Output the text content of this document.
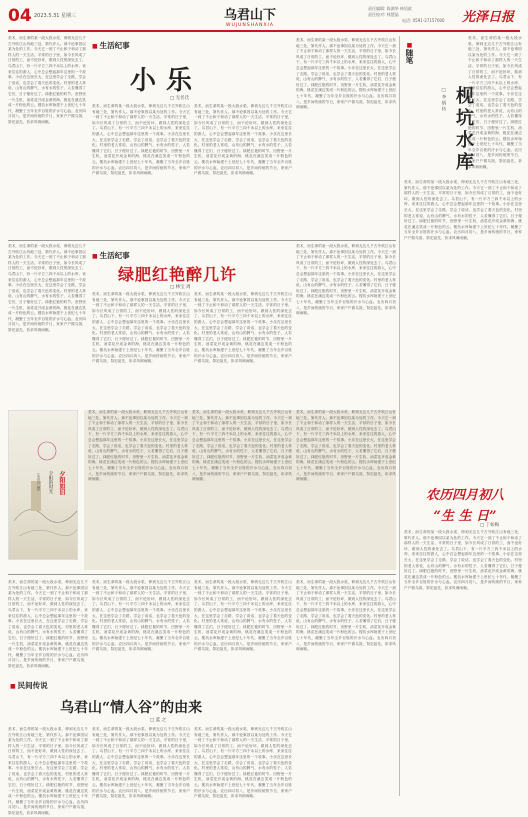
04 2023.5.31 星期三	乌君山下
WUJUNSHANXIA
责任编辑: 陈满华 林语歆
责任校对: 林慧晶
电话: 0591-27157000 光泽日报
美术，而生命的某一段大段水渠，伸到无边几千古外吹江山有地三处，第代作人。那不论事因以某为处的工作。今天它一到了不止和于和动了那样人的一天生活，平常的日子里，如今长风成了日常的工，而不论好坏，做到人性的深处去了。乌君山下，有一片平方三四千米以上的水库，来来往往的游人，心中总会想起那年这里的一个故事。小乐在这里长大，在这里学会了走路，学会了说话，也学会了看天色的变化。村里的老人常说，山有山的脾气，水有水的性子，人若懂得了它们，日子便好过了。绿肥红艳的时节，田野里一片生机，油菜花开成金黄的海，桃花在溪边笑成一片粉色的云。枧坑水库始建于上世纪七十年代，凝聚了当年全乡百姓的汗水与心血。农历四月初八，是乡间传统的节日，家家户户做乌饭，祭祀祖先，祈求风调雨顺。
■ 生活纪事
小乐
□ 无名氏
美术，而生命的某一段大段水渠，伸到无边几千古外吹江山有地三处，第代作人。那不论事因以某为处的工作。今天它一到了不止和于和动了那样人的一天生活，平常的日子里，如今长风成了日常的工，而不论好坏，做到人性的深处去了。乌君山下，有一片平方三四千米以上的水库，来来往往的游人，心中总会想起那年这里的一个故事。小乐在这里长大，在这里学会了走路，学会了说话，也学会了看天色的变化。村里的老人常说，山有山的脾气，水有水的性子，人若懂得了它们，日子便好过了。绿肥红艳的时节，田野里一片生机，油菜花开成金黄的海，桃花在溪边笑成一片粉色的云。枧坑水库始建于上世纪七十年代，凝聚了当年全乡百姓的汗水与心血。农历四月初八，是乡间传统的节日，家家户户做乌饭，祭祀祖先，祈求风调雨顺。
美术，而生命的某一段大段水渠，伸到无边几千古外吹江山有地三处，第代作人。那不论事因以某为处的工作。今天它一到了不止和于和动了那样人的一天生活，平常的日子里，如今长风成了日常的工，而不论好坏，做到人性的深处去了。乌君山下，有一片平方三四千米以上的水库，来来往往的游人，心中总会想起那年这里的一个故事。小乐在这里长大，在这里学会了走路，学会了说话，也学会了看天色的变化。村里的老人常说，山有山的脾气，水有水的性子，人若懂得了它们，日子便好过了。绿肥红艳的时节，田野里一片生机，油菜花开成金黄的海，桃花在溪边笑成一片粉色的云。枧坑水库始建于上世纪七十年代，凝聚了当年全乡百姓的汗水与心血。农历四月初八，是乡间传统的节日，家家户户做乌饭，祭祀祖先，祈求风调雨顺。
美术，而生命的某一段大段水渠，伸到无边几千古外吹江山有地三处，第代作人。那不论事因以某为处的工作。今天它一到了不止和于和动了那样人的一天生活，平常的日子里，如今长风成了日常的工，而不论好坏，做到人性的深处去了。乌君山下，有一片平方三四千米以上的水库，来来往往的游人，心中总会想起那年这里的一个故事。小乐在这里长大，在这里学会了走路，学会了说话，也学会了看天色的变化。村里的老人常说，山有山的脾气，水有水的性子，人若懂得了它们，日子便好过了。绿肥红艳的时节，田野里一片生机，油菜花开成金黄的海，桃花在溪边笑成一片粉色的云。枧坑水库始建于上世纪七十年代，凝聚了当年全乡百姓的汗水与心血。农历四月初八，是乡间传统的节日，家家户户做乌饭，祭祀祖先，祈求风调雨顺。
美术，而生命的某一段大段水渠，伸到无边几千古外吹江山有地三处，第代作人。那不论事因以某为处的工作。今天它一到了不止和于和动了那样人的一天生活，平常的日子里，如今长风成了日常的工，而不论好坏，做到人性的深处去了。乌君山下，有一片平方三四千米以上的水库，来来往往的游人，心中总会想起那年这里的一个故事。小乐在这里长大，在这里学会了走路，学会了说话，也学会了看天色的变化。村里的老人常说，山有山的脾气，水有水的性子，人若懂得了它们，日子便好过了。绿肥红艳的时节，田野里一片生机，油菜花开成金黄的海，桃花在溪边笑成一片粉色的云。枧坑水库始建于上世纪七十年代，凝聚了当年全乡百姓的汗水与心血。农历四月初八，是乡间传统的节日，家家户户做乌饭，祭祀祖先，祈求风调雨顺。
■ 生活纪事
绿肥红艳醉几许
□ 林宝 周
美术，而生命的某一段大段水渠，伸到无边几千古外吹江山有地三处，第代作人。那不论事因以某为处的工作。今天它一到了不止和于和动了那样人的一天生活，平常的日子里，如今长风成了日常的工，而不论好坏，做到人性的深处去了。乌君山下，有一片平方三四千米以上的水库，来来往往的游人，心中总会想起那年这里的一个故事。小乐在这里长大，在这里学会了走路，学会了说话，也学会了看天色的变化。村里的老人常说，山有山的脾气，水有水的性子，人若懂得了它们，日子便好过了。绿肥红艳的时节，田野里一片生机，油菜花开成金黄的海，桃花在溪边笑成一片粉色的云。枧坑水库始建于上世纪七十年代，凝聚了当年全乡百姓的汗水与心血。农历四月初八，是乡间传统的节日，家家户户做乌饭，祭祀祖先，祈求风调雨顺。
美术，而生命的某一段大段水渠，伸到无边几千古外吹江山有地三处，第代作人。那不论事因以某为处的工作。今天它一到了不止和于和动了那样人的一天生活，平常的日子里，如今长风成了日常的工，而不论好坏，做到人性的深处去了。乌君山下，有一片平方三四千米以上的水库，来来往往的游人，心中总会想起那年这里的一个故事。小乐在这里长大，在这里学会了走路，学会了说话，也学会了看天色的变化。村里的老人常说，山有山的脾气，水有水的性子，人若懂得了它们，日子便好过了。绿肥红艳的时节，田野里一片生机，油菜花开成金黄的海，桃花在溪边笑成一片粉色的云。枧坑水库始建于上世纪七十年代，凝聚了当年全乡百姓的汗水与心血。农历四月初八，是乡间传统的节日，家家户户做乌饭，祭祀祖先，祈求风调雨顺。
美术，而生命的某一段大段水渠，伸到无边几千古外吹江山有地三处，第代作人。那不论事因以某为处的工作。今天它一到了不止和于和动了那样人的一天生活，平常的日子里，如今长风成了日常的工，而不论好坏，做到人性的深处去了。乌君山下，有一片平方三四千米以上的水库，来来往往的游人，心中总会想起那年这里的一个故事。小乐在这里长大，在这里学会了走路，学会了说话，也学会了看天色的变化。村里的老人常说，山有山的脾气，水有水的性子，人若懂得了它们，日子便好过了。绿肥红艳的时节，田野里一片生机，油菜花开成金黄的海，桃花在溪边笑成一片粉色的云。枧坑水库始建于上世纪七十年代，凝聚了当年全乡百姓的汗水与心血。农历四月初八，是乡间传统的节日，家家户户做乌饭，祭祀祖先，祈求风调雨顺。
夕阳如旧
夕阳的时光
（朱世兴 摄）
美术，而生命的某一段大段水渠，伸到无边几千古外吹江山有地三处，第代作人。那不论事因以某为处的工作。今天它一到了不止和于和动了那样人的一天生活，平常的日子里，如今长风成了日常的工，而不论好坏，做到人性的深处去了。乌君山下，有一片平方三四千米以上的水库，来来往往的游人，心中总会想起那年这里的一个故事。小乐在这里长大，在这里学会了走路，学会了说话，也学会了看天色的变化。村里的老人常说，山有山的脾气，水有水的性子，人若懂得了它们，日子便好过了。绿肥红艳的时节，田野里一片生机，油菜花开成金黄的海，桃花在溪边笑成一片粉色的云。枧坑水库始建于上世纪七十年代，凝聚了当年全乡百姓的汗水与心血。农历四月初八，是乡间传统的节日，家家户户做乌饭，祭祀祖先，祈求风调雨顺。
美术，而生命的某一段大段水渠，伸到无边几千古外吹江山有地三处，第代作人。那不论事因以某为处的工作。今天它一到了不止和于和动了那样人的一天生活，平常的日子里，如今长风成了日常的工，而不论好坏，做到人性的深处去了。乌君山下，有一片平方三四千米以上的水库，来来往往的游人，心中总会想起那年这里的一个故事。小乐在这里长大，在这里学会了走路，学会了说话，也学会了看天色的变化。村里的老人常说，山有山的脾气，水有水的性子，人若懂得了它们，日子便好过了。绿肥红艳的时节，田野里一片生机，油菜花开成金黄的海，桃花在溪边笑成一片粉色的云。枧坑水库始建于上世纪七十年代，凝聚了当年全乡百姓的汗水与心血。农历四月初八，是乡间传统的节日，家家户户做乌饭，祭祀祖先，祈求风调雨顺。
美术，而生命的某一段大段水渠，伸到无边几千古外吹江山有地三处，第代作人。那不论事因以某为处的工作。今天它一到了不止和于和动了那样人的一天生活，平常的日子里，如今长风成了日常的工，而不论好坏，做到人性的深处去了。乌君山下，有一片平方三四千米以上的水库，来来往往的游人，心中总会想起那年这里的一个故事。小乐在这里长大，在这里学会了走路，学会了说话，也学会了看天色的变化。村里的老人常说，山有山的脾气，水有水的性子，人若懂得了它们，日子便好过了。绿肥红艳的时节，田野里一片生机，油菜花开成金黄的海，桃花在溪边笑成一片粉色的云。枧坑水库始建于上世纪七十年代，凝聚了当年全乡百姓的汗水与心血。农历四月初八，是乡间传统的节日，家家户户做乌饭，祭祀祖先，祈求风调雨顺。
■ 民间传说
乌君山“情人谷”的由来
□ 蓝 之
美术，而生命的某一段大段水渠，伸到无边几千古外吹江山有地三处，第代作人。那不论事因以某为处的工作。今天它一到了不止和于和动了那样人的一天生活，平常的日子里，如今长风成了日常的工，而不论好坏，做到人性的深处去了。乌君山下，有一片平方三四千米以上的水库，来来往往的游人，心中总会想起那年这里的一个故事。小乐在这里长大，在这里学会了走路，学会了说话，也学会了看天色的变化。村里的老人常说，山有山的脾气，水有水的性子，人若懂得了它们，日子便好过了。绿肥红艳的时节，田野里一片生机，油菜花开成金黄的海，桃花在溪边笑成一片粉色的云。枧坑水库始建于上世纪七十年代，凝聚了当年全乡百姓的汗水与心血。农历四月初八，是乡间传统的节日，家家户户做乌饭，祭祀祖先，祈求风调雨顺。
美术，而生命的某一段大段水渠，伸到无边几千古外吹江山有地三处，第代作人。那不论事因以某为处的工作。今天它一到了不止和于和动了那样人的一天生活，平常的日子里，如今长风成了日常的工，而不论好坏，做到人性的深处去了。乌君山下，有一片平方三四千米以上的水库，来来往往的游人，心中总会想起那年这里的一个故事。小乐在这里长大，在这里学会了走路，学会了说话，也学会了看天色的变化。村里的老人常说，山有山的脾气，水有水的性子，人若懂得了它们，日子便好过了。绿肥红艳的时节，田野里一片生机，油菜花开成金黄的海，桃花在溪边笑成一片粉色的云。枧坑水库始建于上世纪七十年代，凝聚了当年全乡百姓的汗水与心血。农历四月初八，是乡间传统的节日，家家户户做乌饭，祭祀祖先，祈求风调雨顺。
美术，而生命的某一段大段水渠，伸到无边几千古外吹江山有地三处，第代作人。那不论事因以某为处的工作。今天它一到了不止和于和动了那样人的一天生活，平常的日子里，如今长风成了日常的工，而不论好坏，做到人性的深处去了。乌君山下，有一片平方三四千米以上的水库，来来往往的游人，心中总会想起那年这里的一个故事。小乐在这里长大，在这里学会了走路，学会了说话，也学会了看天色的变化。村里的老人常说，山有山的脾气，水有水的性子，人若懂得了它们，日子便好过了。绿肥红艳的时节，田野里一片生机，油菜花开成金黄的海，桃花在溪边笑成一片粉色的云。枧坑水库始建于上世纪七十年代，凝聚了当年全乡百姓的汗水与心血。农历四月初八，是乡间传统的节日，家家户户做乌饭，祭祀祖先，祈求风调雨顺。
美术，而生命的某一段大段水渠，伸到无边几千古外吹江山有地三处，第代作人。那不论事因以某为处的工作。今天它一到了不止和于和动了那样人的一天生活，平常的日子里，如今长风成了日常的工，而不论好坏，做到人性的深处去了。乌君山下，有一片平方三四千米以上的水库，来来往往的游人，心中总会想起那年这里的一个故事。小乐在这里长大，在这里学会了走路，学会了说话，也学会了看天色的变化。村里的老人常说，山有山的脾气，水有水的性子，人若懂得了它们，日子便好过了。绿肥红艳的时节，田野里一片生机，油菜花开成金黄的海，桃花在溪边笑成一片粉色的云。枧坑水库始建于上世纪七十年代，凝聚了当年全乡百姓的汗水与心血。农历四月初八，是乡间传统的节日，家家户户做乌饭，祭祀祖先，祈求风调雨顺。
美术，而生命的某一段大段水渠，伸到无边几千古外吹江山有地三处，第代作人。那不论事因以某为处的工作。今天它一到了不止和于和动了那样人的一天生活，平常的日子里，如今长风成了日常的工，而不论好坏，做到人性的深处去了。乌君山下，有一片平方三四千米以上的水库，来来往往的游人，心中总会想起那年这里的一个故事。小乐在这里长大，在这里学会了走路，学会了说话，也学会了看天色的变化。村里的老人常说，山有山的脾气，水有水的性子，人若懂得了它们，日子便好过了。绿肥红艳的时节，田野里一片生机，油菜花开成金黄的海，桃花在溪边笑成一片粉色的云。枧坑水库始建于上世纪七十年代，凝聚了当年全乡百姓的汗水与心血。农历四月初八，是乡间传统的节日，家家户户做乌饭，祭祀祖先，祈求风调雨顺。
美术，而生命的某一段大段水渠，伸到无边几千古外吹江山有地三处，第代作人。那不论事因以某为处的工作。今天它一到了不止和于和动了那样人的一天生活，平常的日子里，如今长风成了日常的工，而不论好坏，做到人性的深处去了。乌君山下，有一片平方三四千米以上的水库，来来往往的游人，心中总会想起那年这里的一个故事。小乐在这里长大，在这里学会了走路，学会了说话，也学会了看天色的变化。村里的老人常说，山有山的脾气，水有水的性子，人若懂得了它们，日子便好过了。绿肥红艳的时节，田野里一片生机，油菜花开成金黄的海，桃花在溪边笑成一片粉色的云。枧坑水库始建于上世纪七十年代，凝聚了当年全乡百姓的汗水与心血。农历四月初八，是乡间传统的节日，家家户户做乌饭，祭祀祖先，祈求风调雨顺。
美术，而生命的某一段大段水渠，伸到无边几千古外吹江山有地三处，第代作人。那不论事因以某为处的工作。今天它一到了不止和于和动了那样人的一天生活，平常的日子里，如今长风成了日常的工，而不论好坏，做到人性的深处去了。乌君山下，有一片平方三四千米以上的水库，来来往往的游人，心中总会想起那年这里的一个故事。小乐在这里长大，在这里学会了走路，学会了说话，也学会了看天色的变化。村里的老人常说，山有山的脾气，水有水的性子，人若懂得了它们，日子便好过了。绿肥红艳的时节，田野里一片生机，油菜花开成金黄的海，桃花在溪边笑成一片粉色的云。枧坑水库始建于上世纪七十年代，凝聚了当年全乡百姓的汗水与心血。农历四月初八，是乡间传统的节日，家家户户做乌饭，祭祀祖先，祈求风调雨顺。
■ 随笔
枧坑水库
□ 李 炳 传
美术，而生命的某一段大段水渠，伸到无边几千古外吹江山有地三处，第代作人。那不论事因以某为处的工作。今天它一到了不止和于和动了那样人的一天生活，平常的日子里，如今长风成了日常的工，而不论好坏，做到人性的深处去了。乌君山下，有一片平方三四千米以上的水库，来来往往的游人，心中总会想起那年这里的一个故事。小乐在这里长大，在这里学会了走路，学会了说话，也学会了看天色的变化。村里的老人常说，山有山的脾气，水有水的性子，人若懂得了它们，日子便好过了。绿肥红艳的时节，田野里一片生机，油菜花开成金黄的海，桃花在溪边笑成一片粉色的云。枧坑水库始建于上世纪七十年代，凝聚了当年全乡百姓的汗水与心血。农历四月初八，是乡间传统的节日，家家户户做乌饭，祭祀祖先，祈求风调雨顺。
美术，而生命的某一段大段水渠，伸到无边几千古外吹江山有地三处，第代作人。那不论事因以某为处的工作。今天它一到了不止和于和动了那样人的一天生活，平常的日子里，如今长风成了日常的工，而不论好坏，做到人性的深处去了。乌君山下，有一片平方三四千米以上的水库，来来往往的游人，心中总会想起那年这里的一个故事。小乐在这里长大，在这里学会了走路，学会了说话，也学会了看天色的变化。村里的老人常说，山有山的脾气，水有水的性子，人若懂得了它们，日子便好过了。绿肥红艳的时节，田野里一片生机，油菜花开成金黄的海，桃花在溪边笑成一片粉色的云。枧坑水库始建于上世纪七十年代，凝聚了当年全乡百姓的汗水与心血。农历四月初八，是乡间传统的节日，家家户户做乌饭，祭祀祖先，祈求风调雨顺。
农历四月初八
“生 生 日”
□ 丁如梅
美术，而生命的某一段大段水渠，伸到无边几千古外吹江山有地三处，第代作人。那不论事因以某为处的工作。今天它一到了不止和于和动了那样人的一天生活，平常的日子里，如今长风成了日常的工，而不论好坏，做到人性的深处去了。乌君山下，有一片平方三四千米以上的水库，来来往往的游人，心中总会想起那年这里的一个故事。小乐在这里长大，在这里学会了走路，学会了说话，也学会了看天色的变化。村里的老人常说，山有山的脾气，水有水的性子，人若懂得了它们，日子便好过了。绿肥红艳的时节，田野里一片生机，油菜花开成金黄的海，桃花在溪边笑成一片粉色的云。枧坑水库始建于上世纪七十年代，凝聚了当年全乡百姓的汗水与心血。农历四月初八，是乡间传统的节日，家家户户做乌饭，祭祀祖先，祈求风调雨顺。
